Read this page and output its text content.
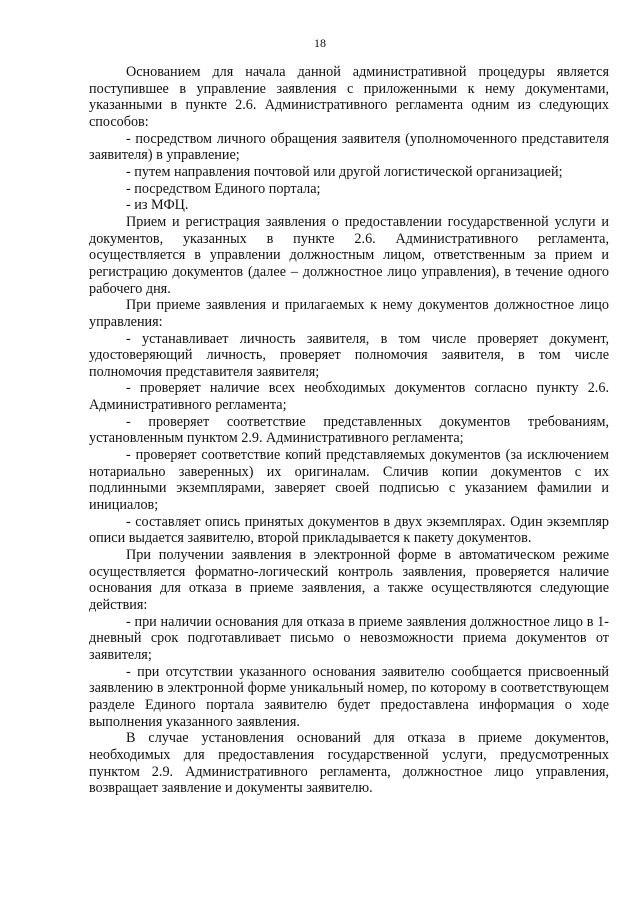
18

Основанием для начала данной административной процедуры является поступившее в управление заявления с приложенными к нему документами, указанными в пункте 2.6. Административного регламента одним из следующих способов:

- посредством личного обращения заявителя (уполномоченного представителя заявителя) в управление;

- путем направления почтовой или другой логистической организацией;

- посредством Единого портала;

- из МФЦ.

Прием и регистрация заявления о предоставлении государственной услуги и документов, указанных в пункте 2.6. Административного регламента, осуществляется в управлении должностным лицом, ответственным за прием и регистрацию документов (далее – должностное лицо управления), в течение одного рабочего дня.

При приеме заявления и прилагаемых к нему документов должностное лицо управления:

- устанавливает личность заявителя, в том числе проверяет документ, удостоверяющий личность, проверяет полномочия заявителя, в том числе полномочия представителя заявителя;

- проверяет наличие всех необходимых документов согласно пункту 2.6. Административного регламента;

- проверяет соответствие представленных документов требованиям, установленным пунктом 2.9. Административного регламента;

- проверяет соответствие копий представляемых документов (за исключением нотариально заверенных) их оригиналам. Сличив копии документов с их подлинными экземплярами, заверяет своей подписью с указанием фамилии и инициалов;

- составляет опись принятых документов в двух экземплярах. Один экземпляр описи выдается заявителю, второй прикладывается к пакету документов.

При получении заявления в электронной форме в автоматическом режиме осуществляется форматно-логический контроль заявления, проверяется наличие основания для отказа в приеме заявления, а также осуществляются следующие действия:

- при наличии основания для отказа в приеме заявления должностное лицо в 1-дневный срок подготавливает письмо о невозможности приема документов от заявителя;

- при отсутствии указанного основания заявителю сообщается присвоенный заявлению в электронной форме уникальный номер, по которому в соответствующем разделе Единого портала заявителю будет предоставлена информация о ходе выполнения указанного заявления.

В случае установления оснований для отказа в приеме документов, необходимых для предоставления государственной услуги, предусмотренных пунктом 2.9. Административного регламента, должностное лицо управления, возвращает заявление и документы заявителю.
